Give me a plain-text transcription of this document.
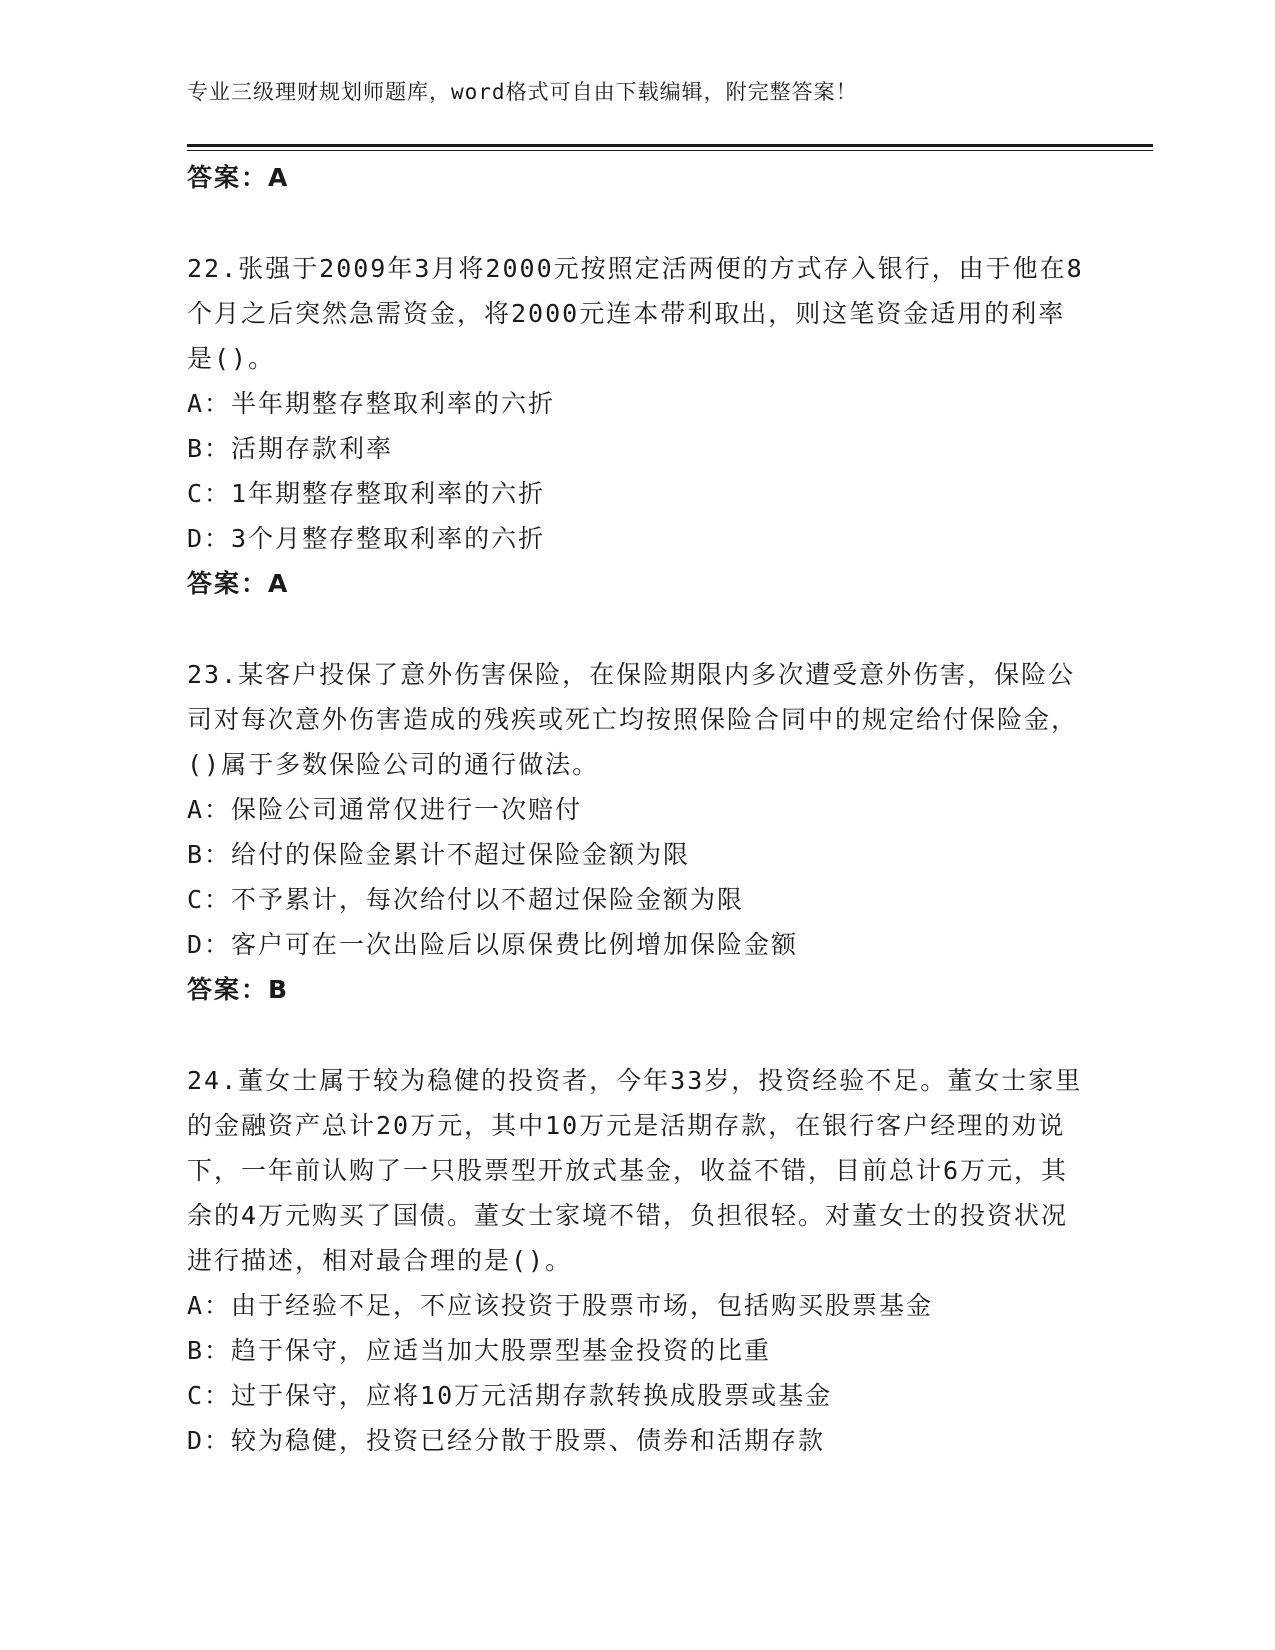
专业三级理财规划师题库，word格式可自由下载编辑，附完整答案！
答案：A
22.张强于2009年3月将2000元按照定活两便的方式存入银行，由于他在8个月之后突然急需资金，将2000元连本带利取出，则这笔资金适用的利率是()。
A：半年期整存整取利率的六折
B：活期存款利率
C：1年期整存整取利率的六折
D：3个月整存整取利率的六折
答案：A
23.某客户投保了意外伤害保险，在保险期限内多次遭受意外伤害，保险公司对每次意外伤害造成的残疾或死亡均按照保险合同中的规定给付保险金，()属于多数保险公司的通行做法。
A：保险公司通常仅进行一次赔付
B：给付的保险金累计不超过保险金额为限
C：不予累计，每次给付以不超过保险金额为限
D：客户可在一次出险后以原保费比例增加保险金额
答案：B
24.董女士属于较为稳健的投资者，今年33岁，投资经验不足。董女士家里的金融资产总计20万元，其中10万元是活期存款，在银行客户经理的劝说下，一年前认购了一只股票型开放式基金，收益不错，目前总计6万元，其余的4万元购买了国债。董女士家境不错，负担很轻。对董女士的投资状况进行描述，相对最合理的是()。
A：由于经验不足，不应该投资于股票市场，包括购买股票基金
B：趋于保守，应适当加大股票型基金投资的比重
C：过于保守，应将10万元活期存款转换成股票或基金
D：较为稳健，投资已经分散于股票、债券和活期存款
